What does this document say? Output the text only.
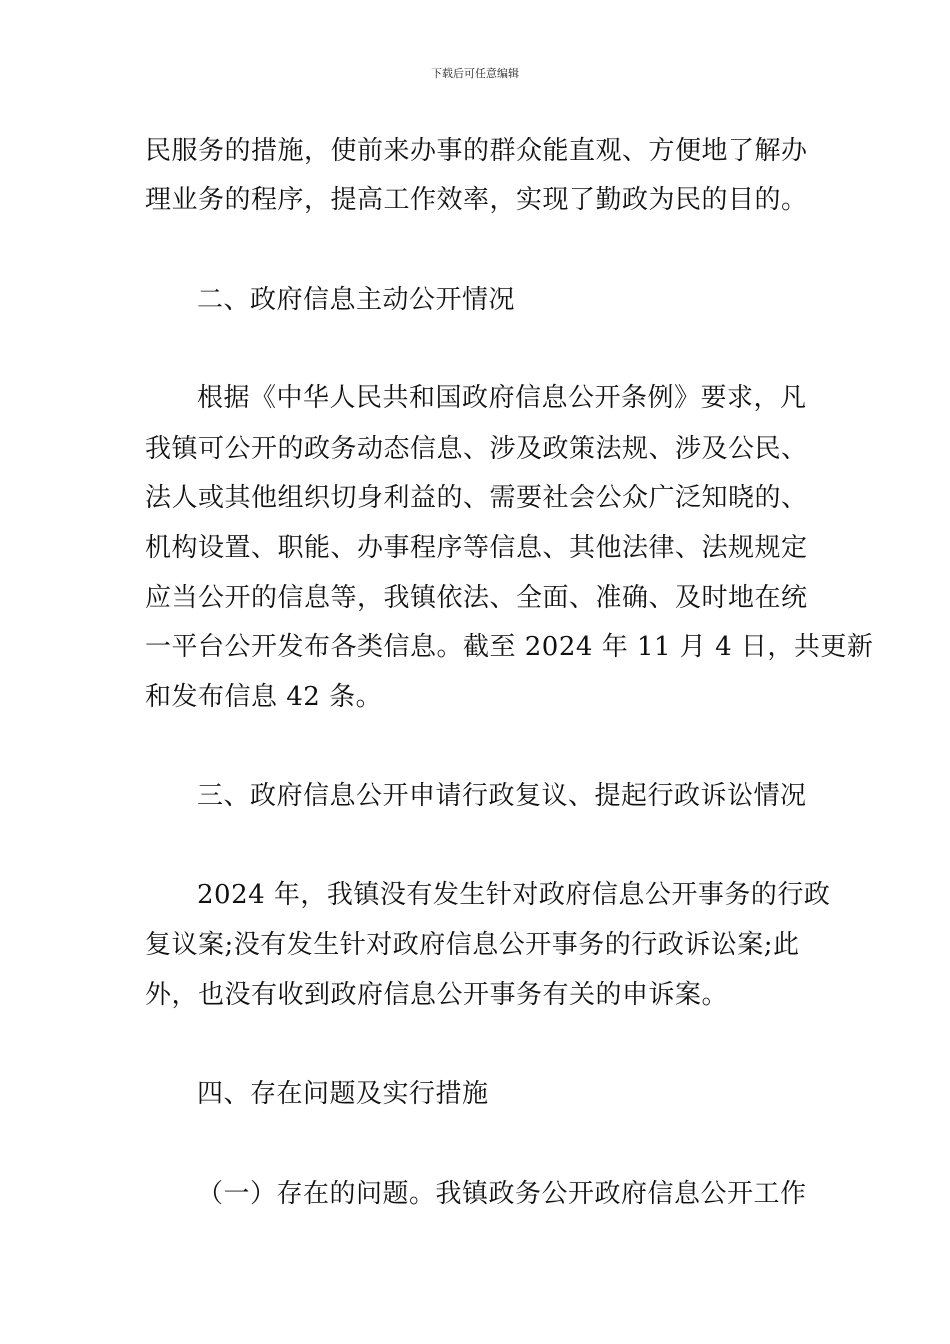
下载后可任意编辑
民服务的措施，使前来办事的群众能直观、方便地了解办
理业务的程序，提高工作效率，实现了勤政为民的目的。
二、政府信息主动公开情况
根据《中华人民共和国政府信息公开条例》要求，凡
我镇可公开的政务动态信息、涉及政策法规、涉及公民、
法人或其他组织切身利益的、需要社会公众广泛知晓的、
机构设置、职能、办事程序等信息、其他法律、法规规定
应当公开的信息等，我镇依法、全面、准确、及时地在统
一平台公开发布各类信息。截至 2024 年 11 月 4 日，共更新
和发布信息 42 条。
三、政府信息公开申请行政复议、提起行政诉讼情况
2024 年，我镇没有发生针对政府信息公开事务的行政
复议案;没有发生针对政府信息公开事务的行政诉讼案;此
外，也没有收到政府信息公开事务有关的申诉案。
四、存在问题及实行措施
（一）存在的问题。我镇政务公开政府信息公开工作
